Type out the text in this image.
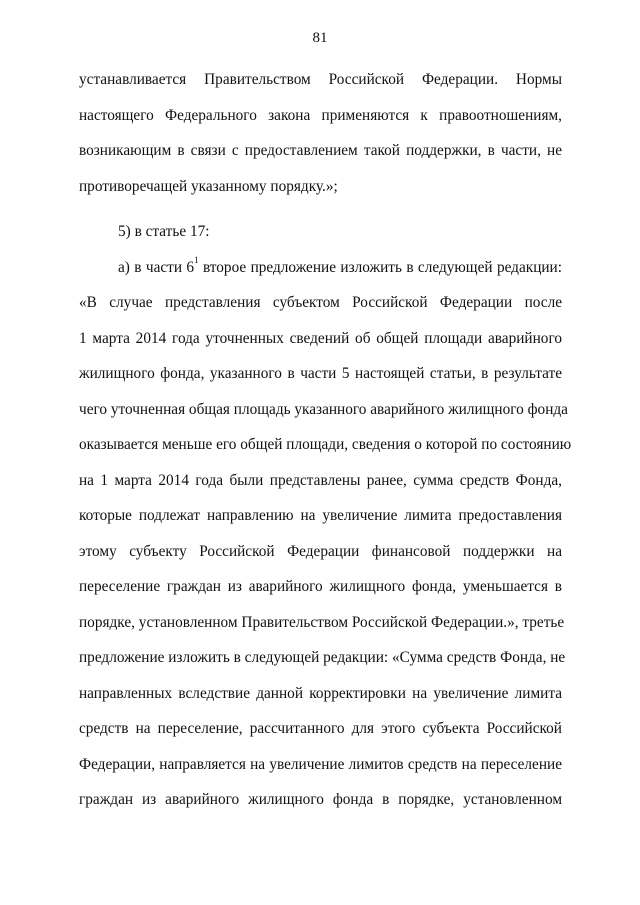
81
устанавливается Правительством Российской Федерации. Нормы
настоящего Федерального закона применяются к правоотношениям,
возникающим в связи с предоставлением такой поддержки, в части, не
противоречащей указанному порядку.»;
5) в статье 17:
а) в части $6^1$ второе предложение изложить в следующей редакции:
«В случае представления субъектом Российской Федерации после
1 марта 2014 года уточненных сведений об общей площади аварийного
жилищного фонда, указанного в части 5 настоящей статьи, в результате
чего уточненная общая площадь указанного аварийного жилищного фонда
оказывается меньше его общей площади, сведения о которой по состоянию
на 1 марта 2014 года были представлены ранее, сумма средств Фонда,
которые подлежат направлению на увеличение лимита предоставления
этому субъекту Российской Федерации финансовой поддержки на
переселение граждан из аварийного жилищного фонда, уменьшается в
порядке, установленном Правительством Российской Федерации.», третье
предложение изложить в следующей редакции: «Сумма средств Фонда, не
направленных вследствие данной корректировки на увеличение лимита
средств на переселение, рассчитанного для этого субъекта Российской
Федерации, направляется на увеличение лимитов средств на переселение
граждан из аварийного жилищного фонда в порядке, установленном
